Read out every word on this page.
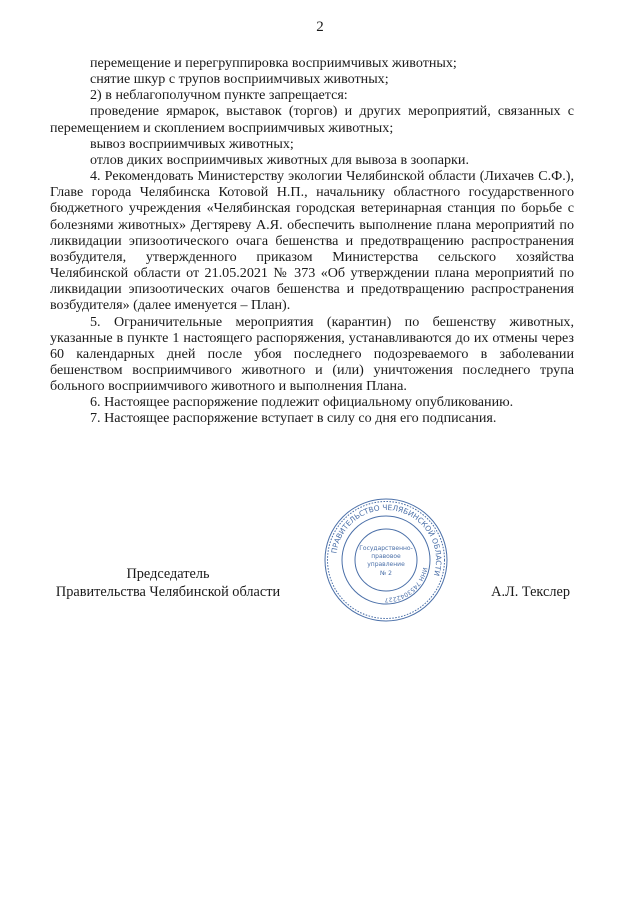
2

перемещение и перегруппировка восприимчивых животных;

снятие шкур с трупов восприимчивых животных;

2) в неблагополучном пункте запрещается:

проведение ярмарок, выставок (торгов) и других мероприятий, связанных с перемещением и скоплением восприимчивых животных;

вывоз восприимчивых животных;

отлов диких восприимчивых животных для вывоза в зоопарки.

4. Рекомендовать Министерству экологии Челябинской области (Лихачев С.Ф.), Главе города Челябинска Котовой Н.П., начальнику областного государственного бюджетного учреждения «Челябинская городская ветеринарная станция по борьбе с болезнями животных» Дегтяреву А.Я. обеспечить выполнение плана мероприятий по ликвидации эпизоотического очага бешенства и предотвращению распространения возбудителя, утвержденного приказом Министерства сельского хозяйства Челябинской области от 21.05.2021 № 373 «Об утверждении плана мероприятий по ликвидации эпизоотических очагов бешенства и предотвращению распространения возбудителя» (далее именуется – План).

5. Ограничительные мероприятия (карантин) по бешенству животных, указанные в пункте 1 настоящего распоряжения, устанавливаются до их отмены через 60 календарных дней после убоя последнего подозреваемого в заболевании бешенством восприимчивого животного и (или) уничтожения последнего трупа больного восприимчивого животного и выполнения Плана.

6. Настоящее распоряжение подлежит официальному опубликованию.

7. Настоящее распоряжение вступает в силу со дня его подписания.

Председатель
Правительства Челябинской области
ПРАВИТЕЛЬСТВО ЧЕЛЯБИНСКОЙ ОБЛАСТИ
ИНН 7453042227
Государственно-
правовое
управление
№ 2
А.Л. Текслер
